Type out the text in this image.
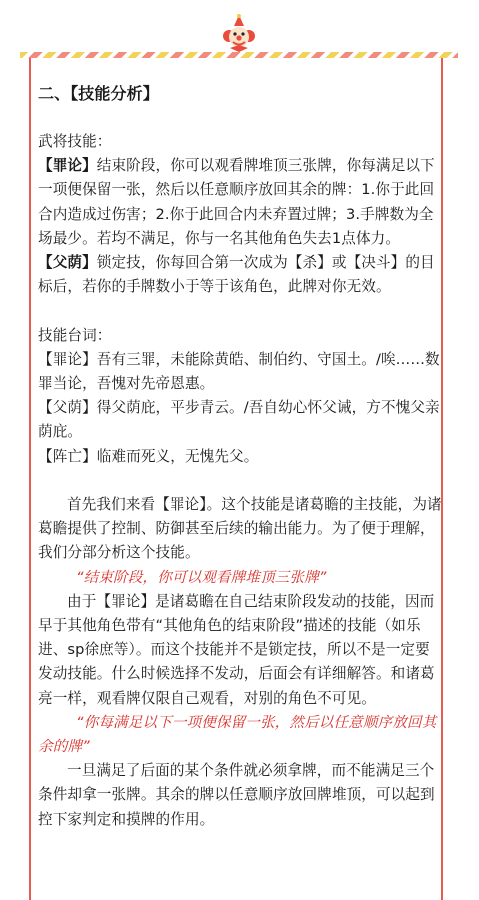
二、【技能分析】

武将技能：

【罪论】结束阶段，你可以观看牌堆顶三张牌，你每满足以下一项便保留一张，然后以任意顺序放回其余的牌：1.你于此回合内造成过伤害；2.你于此回合内未弃置过牌；3.手牌数为全场最少。若均不满足，你与一名其他角色失去1点体力。

【父荫】锁定技，你每回合第一次成为【杀】或【决斗】的目标后，若你的手牌数小于等于该角色，此牌对你无效。

技能台词：

【罪论】吾有三罪，未能除黄皓、制伯约、守国土。/唉……数罪当论，吾愧对先帝恩惠。

【父荫】得父荫庇，平步青云。/吾自幼心怀父诫，方不愧父亲荫庇。

【阵亡】临难而死义，无愧先父。

首先我们来看【罪论】。这个技能是诸葛瞻的主技能，为诸葛瞻提供了控制、防御甚至后续的输出能力。为了便于理解，我们分部分析这个技能。

“结束阶段，你可以观看牌堆顶三张牌”

由于【罪论】是诸葛瞻在自己结束阶段发动的技能，因而早于其他角色带有“其他角色的结束阶段”描述的技能（如乐进、sp徐庶等）。而这个技能并不是锁定技，所以不是一定要发动技能。什么时候选择不发动，后面会有详细解答。和诸葛亮一样，观看牌仅限自己观看，对别的角色不可见。

“你每满足以下一项便保留一张，然后以任意顺序放回其余的牌”

一旦满足了后面的某个条件就必须拿牌，而不能满足三个条件却拿一张牌。其余的牌以任意顺序放回牌堆顶，可以起到控下家判定和摸牌的作用。
